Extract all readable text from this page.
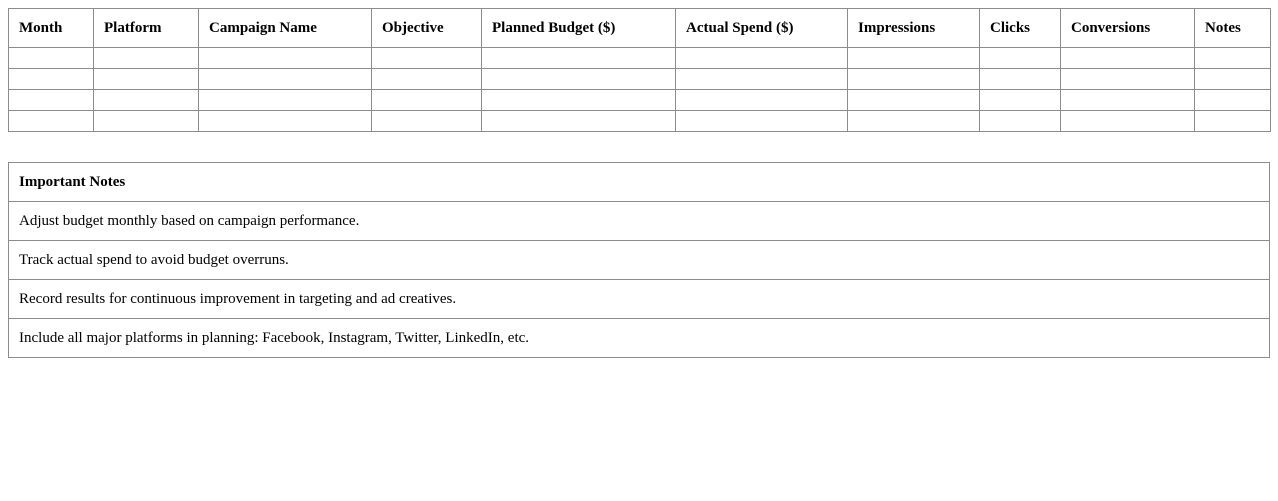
Month	Platform	Campaign Name	Objective	Planned Budget ($)	Actual Spend ($)	Impressions	Clicks	Conversions	Notes

Important Notes
Adjust budget monthly based on campaign performance.
Track actual spend to avoid budget overruns.
Record results for continuous improvement in targeting and ad creatives.
Include all major platforms in planning: Facebook, Instagram, Twitter, LinkedIn, etc.
